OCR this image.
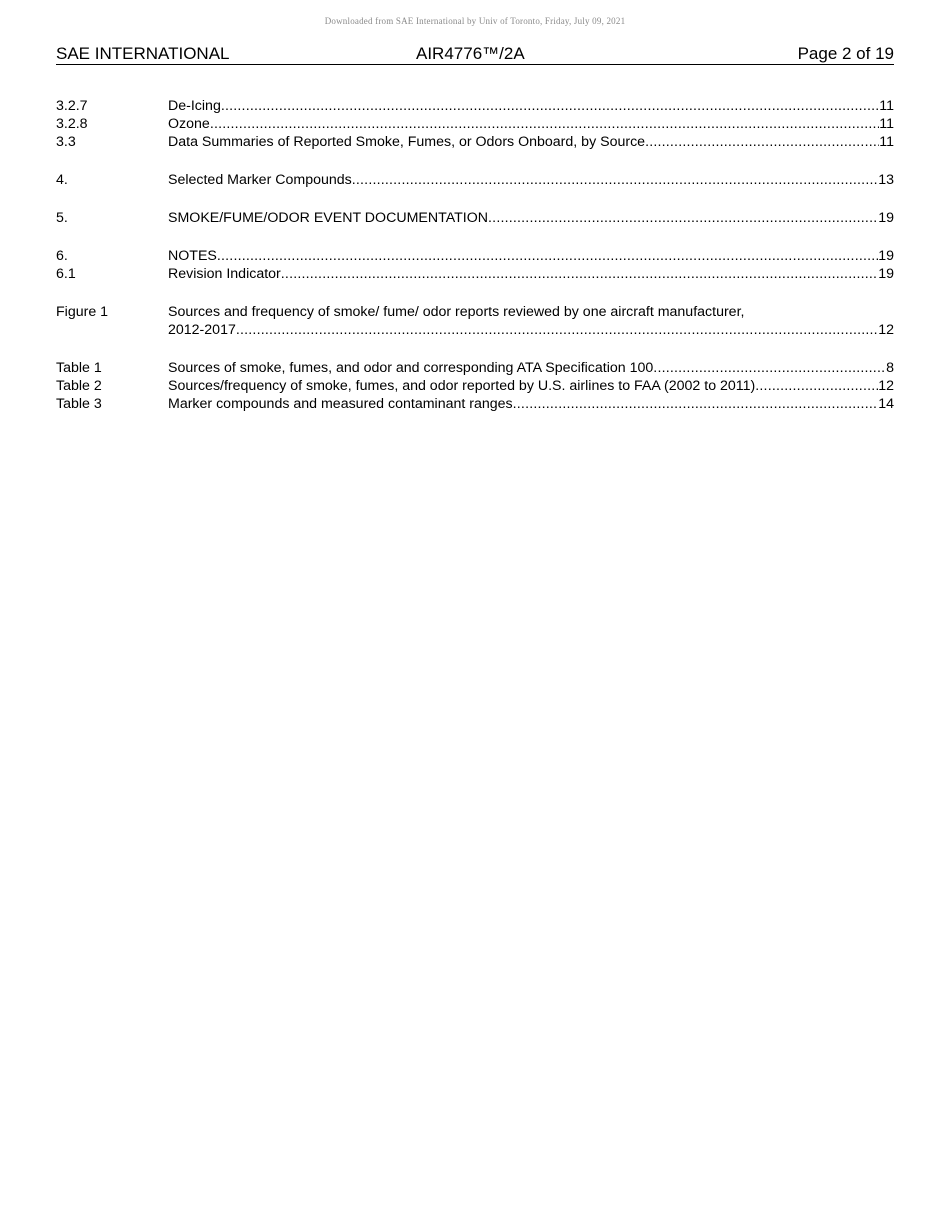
Downloaded from SAE International by Univ of Toronto, Friday, July 09, 2021
SAE INTERNATIONAL	AIR4776™/2A	Page 2 of 19
3.2.7	De-Icing .....	11
3.2.8	Ozone .....	11
3.3	Data Summaries of Reported Smoke, Fumes, or Odors Onboard, by Source .....	11
4.	Selected Marker Compounds .....	13
5.	SMOKE/FUME/ODOR EVENT DOCUMENTATION .....	19
6.	NOTES .....	19
6.1	Revision Indicator .....	19
Figure 1	Sources and frequency of smoke/ fume/ odor reports reviewed by one aircraft manufacturer,
2012-2017 .....	12
Table 1	Sources of smoke, fumes, and odor and corresponding ATA Specification 100 .....	8
Table 2	Sources/frequency of smoke, fumes, and odor reported by U.S. airlines to FAA (2002 to 2011) .....	12
Table 3	Marker compounds and measured contaminant ranges .....	14
